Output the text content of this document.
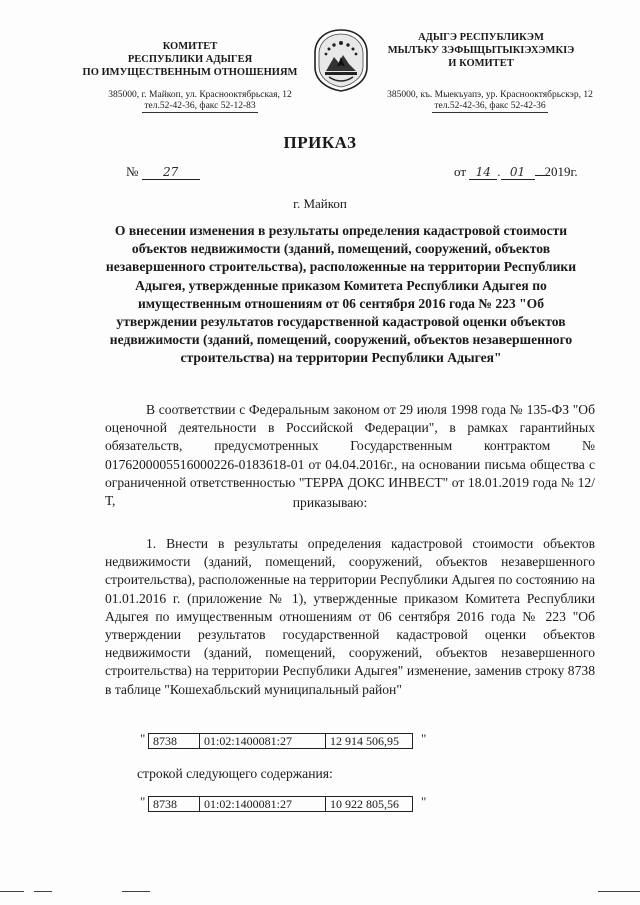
КОМИТЕТ
РЕСПУБЛИКИ АДЫГЕЯ
ПО ИМУЩЕСТВЕННЫМ ОТНОШЕНИЯМ
АДЫГЭ РЕСПУБЛИКЭМ
МЫЛЪКУ ЗЭФЫЩЫТЫКІЭХЭМКІЭ
И КОМИТЕТ
385000, г. Майкоп, ул. Краснооктябрьская, 12
тел.52-42-36, факс 52-12-83
385000, къ. Мыекъуапэ, ур. Краснооктябрьскэр, 12
тел.52-42-36, факс 52-42-36
ПРИКАЗ
№ 27	от 14 . 01 2019г.
г. Майкоп
О внесении изменения в результаты определения кадастровой стоимости объектов недвижимости (зданий, помещений, сооружений, объектов незавершенного строительства), расположенные на территории Республики Адыгея, утвержденные приказом Комитета Республики Адыгея по имущественным отношениям от 06 сентября 2016 года № 223 "Об утверждении результатов государственной кадастровой оценки объектов недвижимости (зданий, помещений, сооружений, объектов незавершенного строительства) на территории Республики Адыгея"
В соответствии с Федеральным законом от 29 июля 1998 года № 135-ФЗ "Об оценочной деятельности в Российской Федерации", в рамках гарантийных обязательств, предусмотренных Государственным контрактом № 0176200005516000226-0183618-01 от 04.04.2016г., на основании письма общества с ограниченной ответственностью "ТЕРРА ДОКС ИНВЕСТ" от 18.01.2019 года № 12/Т,	приказываю:
1. Внести в результаты определения кадастровой стоимости объектов недвижимости (зданий, помещений, сооружений, объектов незавершенного строительства), расположенные на территории Республики Адыгея по состоянию на 01.01.2016 г. (приложение № 1), утвержденные приказом Комитета Республики Адыгея по имущественным отношениям от 06 сентября 2016 года № 223 "Об утверждении результатов государственной кадастровой оценки объектов недвижимости (зданий, помещений, сооружений, объектов незавершенного строительства) на территории Республики Адыгея" изменение, заменив строку 8738 в таблице "Кошехабльский муниципальный район"
" 8738	01:02:1400081:27	12 914 506,95	"
строкой следующего содержания:
" 8738	01:02:1400081:27	10 922 805,56	"
